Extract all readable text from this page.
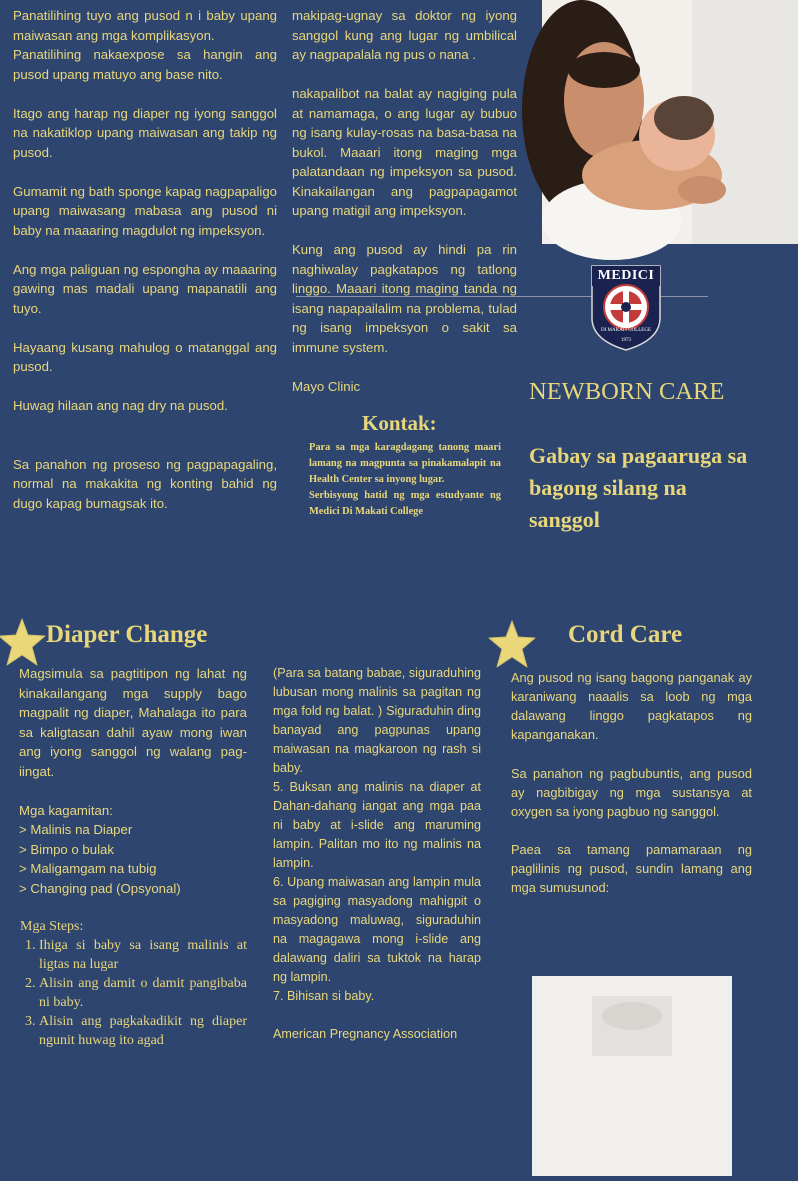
Panatilihing tuyo ang pusod n i baby upang maiwasan ang mga komplikasyon.

Panatilihing nakaexpose sa hangin ang pusod upang matuyo ang base nito.

Itago ang harap ng diaper ng iyong sanggol na nakatiklop upang maiwasan ang takip ng pusod.

Gumamit ng bath sponge kapag nagpapaligo upang maiwasang mabasa ang pusod ni baby na maaaring magdulot ng impeksyon.

Ang mga paliguan ng espongha ay maaaring gawing mas madali upang mapanatili ang tuyo.

Hayaang kusang mahulog o matanggal ang pusod.

Huwag hilaan ang nag dry na pusod.

Sa panahon ng proseso ng pagpapagaling, normal na makakita ng konting bahid ng dugo kapag bumagsak ito.

makipag-ugnay sa doktor ng iyong sanggol kung ang lugar ng umbilical ay nagpapalala ng pus o nana .

nakapalibot na balat ay nagiging pula at namamaga, o ang lugar ay bubuo ng isang kulay-rosas na basa-basa na bukol. Maaari itong maging mga palatandaan ng impeksyon sa pusod. Kinakailangan ang pagpapagamot upang matigil ang impeksyon.

Kung ang pusod ay hindi pa rin naghiwalay pagkatapos ng tatlong linggo. Maaari itong maging tanda ng isang napapailalim na problema, tulad ng isang impeksyon o sakit sa immune system.

Mayo Clinic

Kontak:
Para sa mga karagdagang tanong maari lamang na magpunta sa pinakamalapit na Health Center sa inyong lugar.
Serbisyong hatid ng mga estudyante ng Medici Di Makati College
MEDICI
DI MAKATI COLLEGE
1973
NEWBORN CARE
Gabay sa pagaaruga sa bagong silang na sanggol
Diaper Change	Cord Care

Magsimula sa pagtitipon ng lahat ng kinakailangang mga supply bago magpalit ng diaper, Mahalaga ito para sa kaligtasan dahil ayaw mong iwan ang iyong sanggol ng walang pag-iingat.

Mga kagamitan:
> Malinis na Diaper
> Bimpo o bulak
> Maligamgam na tubig
> Changing pad (Opsyonal)
Mga Steps:
1. Ihiga si baby sa isang malinis at ligtas na lugar
2. Alisin ang damit o damit pangibaba ni baby.
3. Alisin ang pagkakadikit ng diaper ngunit huwag ito agad
(Para sa batang babae, siguraduhing lubusan mong malinis sa pagitan ng mga fold ng balat. ) Siguraduhin ding banayad ang pagpunas upang maiwasan na magkaroon ng rash si baby.
5. Buksan ang malinis na diaper at Dahan-dahang iangat ang mga paa ni baby at i-slide ang maruming lampin. Palitan mo ito ng malinis na lampin.
6. Upang maiwasan ang lampin mula sa pagiging masyadong mahigpit o masyadong maluwag, siguraduhin na magagawa mong i-slide ang dalawang daliri sa tuktok na harap ng lampin.
7. Bihisan si baby.
American Pregnancy Association

Ang pusod ng isang bagong panganak ay karaniwang naaalis sa loob ng mga dalawang linggo pagkatapos ng kapanganakan.

Sa panahon ng pagbubuntis, ang pusod ay nagbibigay ng mga sustansya at oxygen sa iyong pagbuo ng sanggol.

Paea sa tamang pamamaraan ng paglilinis ng pusod, sundin lamang ang mga sumusunod:
